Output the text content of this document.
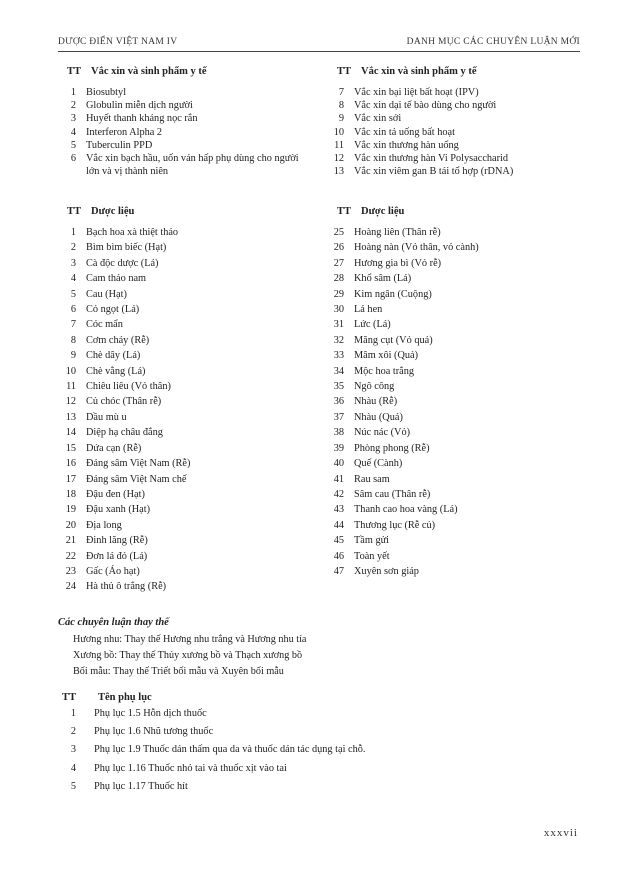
DƯỢC ĐIỂN VIỆT NAM IV	DANH MỤC CÁC CHUYÊN LUẬN MỚI
TT Vắc xin và sinh phẩm y tế	TT Vắc xin và sinh phẩm y tế
1 Biosubtyl
2 Globulin miễn dịch người
3 Huyết thanh kháng nọc rắn
4 Interferon Alpha 2
5 Tuberculin PPD
6 Vắc xin bạch hầu, uốn ván hấp phụ dùng cho người lớn và vị thành niên
7 Vắc xin bại liệt bất hoạt (IPV)
8 Vắc xin dại tế bào dùng cho người
9 Vắc xin sởi
10 Vắc xin tả uống bất hoạt
11 Vắc xin thương hàn uống
12 Vắc xin thương hàn Vi Polysaccharid
13 Vắc xin viêm gan B tái tổ hợp (rDNA)
TT Dược liệu	TT Dược liệu
1 Bạch hoa xà thiệt thảo
2 Bìm bìm biếc (Hạt)
3 Cà độc dược (Lá)
4 Cam thảo nam
5 Cau (Hạt)
6 Cỏ ngọt (Lá)
7 Cóc mẩn
8 Cơm cháy (Rễ)
9 Chè dây (Lá)
10 Chè vằng (Lá)
11 Chiêu liêu (Vỏ thân)
12 Củ chóc (Thân rễ)
13 Dầu mù u
14 Diệp hạ châu đắng
15 Dứa cạn (Rễ)
16 Đảng sâm Việt Nam (Rễ)
17 Đảng sâm Việt Nam chế
18 Đậu đen (Hạt)
19 Đậu xanh (Hạt)
20 Địa long
21 Đinh lăng (Rễ)
22 Đơn lá đỏ (Lá)
23 Gấc (Áo hạt)
24 Hà thủ ô trắng (Rễ)
25 Hoàng liên (Thân rễ)
26 Hoàng nàn (Vỏ thân, vỏ cành)
27 Hương gia bì (Vỏ rễ)
28 Khổ sâm (Lá)
29 Kim ngân (Cuộng)
30 Lá hen
31 Lức (Lá)
32 Măng cụt (Vỏ quả)
33 Mâm xôi (Quả)
34 Mộc hoa trắng
35 Ngô công
36 Nhàu (Rễ)
37 Nhàu (Quả)
38 Núc nác (Vỏ)
39 Phòng phong (Rễ)
40 Quế (Cành)
41 Rau sam
42 Sâm cau (Thân rễ)
43 Thanh cao hoa vàng (Lá)
44 Thương lục (Rễ củ)
45 Tầm gửi
46 Toàn yết
47 Xuyên sơn giáp
Các chuyên luận thay thế
Hương nhu: Thay thế Hương nhu trắng và Hương nhu tía
Xương bồ: Thay thế Thủy xương bồ và Thạch xương bồ
Bối mẫu: Thay thế Triết bối mẫu và Xuyên bối mẫu
TT Tên phụ lục
1 Phụ lục 1.5 Hỗn dịch thuốc
2 Phụ lục 1.6 Nhũ tương thuốc
3 Phụ lục 1.9 Thuốc dán thấm qua da và thuốc dán tác dụng tại chỗ.
4 Phụ lục 1.16 Thuốc nhỏ tai và thuốc xịt vào tai
5 Phụ lục 1.17 Thuốc hít
xxxvii
